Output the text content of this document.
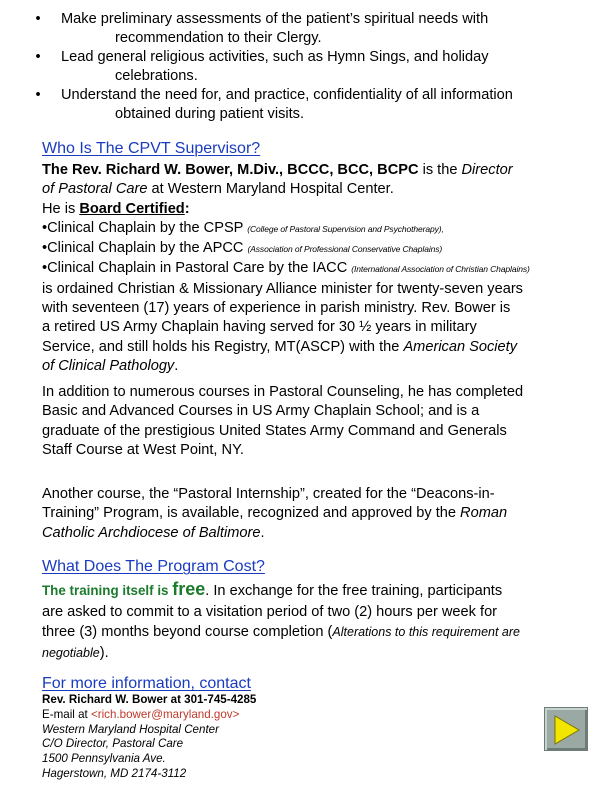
•	Make preliminary assessments of the patient’s spiritual needs with
recommendation to their Clergy.
•	Lead general religious activities, such as Hymn Sings, and holiday
celebrations.
•	Understand the need for, and practice, confidentiality of all information
obtained during patient visits.
Who Is The CPVT Supervisor?
The Rev. Richard W. Bower, M.Div., BCCC, BCC, BCPC is the Director
of Pastoral Care at Western Maryland Hospital Center.
He is Board Certified:
•Clinical Chaplain by the CPSP (College of Pastoral Supervision and Psychotherapy),
•Clinical Chaplain by the APCC (Association of Professional Conservative Chaplains)
•Clinical Chaplain in Pastoral Care by the IACC (International Association of Christian Chaplains)
is ordained Christian & Missionary Alliance minister for twenty-seven years
with seventeen (17) years of experience in parish ministry. Rev. Bower is
a retired US Army Chaplain having served for 30 ½ years in military
Service, and still holds his Registry, MT(ASCP) with the American Society
of Clinical Pathology.
In addition to numerous courses in Pastoral Counseling, he has completed
Basic and Advanced Courses in US Army Chaplain School; and is a
graduate of the prestigious United States Army Command and Generals
Staff Course at West Point, NY.
Another course, the “Pastoral Internship”, created for the “Deacons-in-
Training” Program, is available, recognized and approved by the Roman
Catholic Archdiocese of Baltimore.
What Does The Program Cost?
The training itself is free. In exchange for the free training, participants
are asked to commit to a visitation period of two (2) hours per week for
three (3) months beyond course completion (Alterations to this requirement are
negotiable).
For more information, contact
Rev. Richard W. Bower at 301-745-4285
E-mail at <rich.bower@maryland.gov>
Western Maryland Hospital Center
C/O Director, Pastoral Care
1500 Pennsylvania Ave.
Hagerstown, MD 2174-3112
